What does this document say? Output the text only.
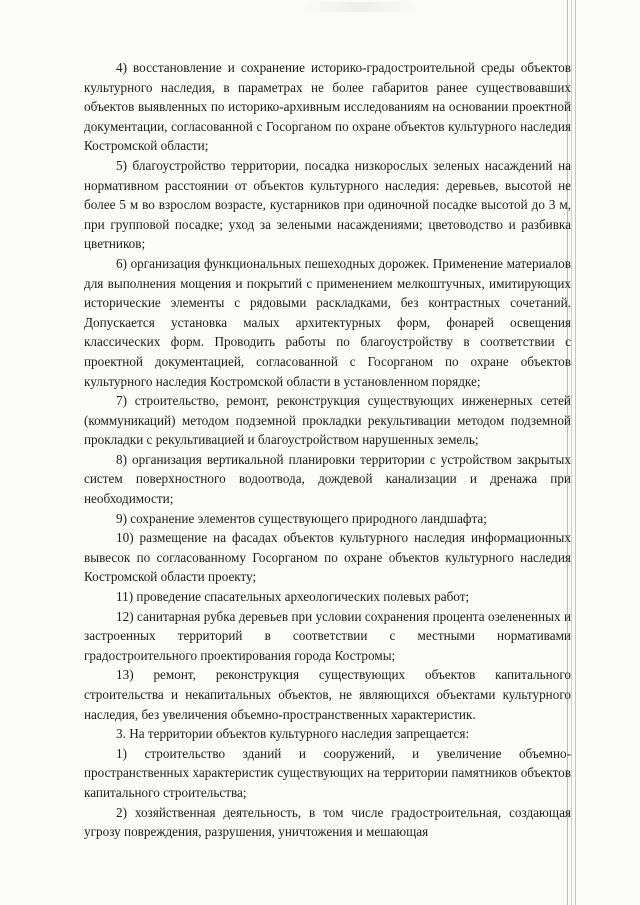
4) восстановление и сохранение историко-градостроительной среды объектов культурного наследия, в параметрах не более габаритов ранее существовавших объектов выявленных по историко-архивным исследованиям на основании проектной документации, согласованной с Госорганом по охране объектов культурного наследия Костромской области;

5) благоустройство территории, посадка низкорослых зеленых насаждений на нормативном расстоянии от объектов культурного наследия: деревьев, высотой не более 5 м во взрослом возрасте, кустарников при одиночной посадке высотой до 3 м, при групповой посадке; уход за зелеными насаждениями; цветоводство и разбивка цветников;

6) организация функциональных пешеходных дорожек. Применение материалов для выполнения мощения и покрытий с применением мелкоштучных, имитирующих исторические элементы с рядовыми раскладками, без контрастных сочетаний. Допускается установка малых архитектурных форм, фонарей освещения классических форм. Проводить работы по благоустройству в соответствии с проектной документацией, согласованной с Госорганом по охране объектов культурного наследия Костромской области в установленном порядке;

7) строительство, ремонт, реконструкция существующих инженерных сетей (коммуникаций) методом подземной прокладки рекультивации методом подземной прокладки с рекультивацией и благоустройством нарушенных земель;

8) организация вертикальной планировки территории с устройством закрытых систем поверхностного водоотвода, дождевой канализации и дренажа при необходимости;

9) сохранение элементов существующего природного ландшафта;

10) размещение на фасадах объектов культурного наследия информационных вывесок по согласованному Госорганом по охране объектов культурного наследия Костромской области проекту;

11) проведение спасательных археологических полевых работ;

12) санитарная рубка деревьев при условии сохранения процента озелененных и застроенных территорий в соответствии с местными нормативами градостроительного проектирования города Костромы;

13) ремонт, реконструкция существующих объектов капитального строительства и некапитальных объектов, не являющихся объектами культурного наследия, без увеличения объемно-пространственных характеристик.

3. На территории объектов культурного наследия запрещается:

1) строительство зданий и сооружений, и увеличение объемно-пространственных характеристик существующих на территории памятников объектов капитального строительства;

2) хозяйственная деятельность, в том числе градостроительная, создающая угрозу повреждения, разрушения, уничтожения и мешающая
